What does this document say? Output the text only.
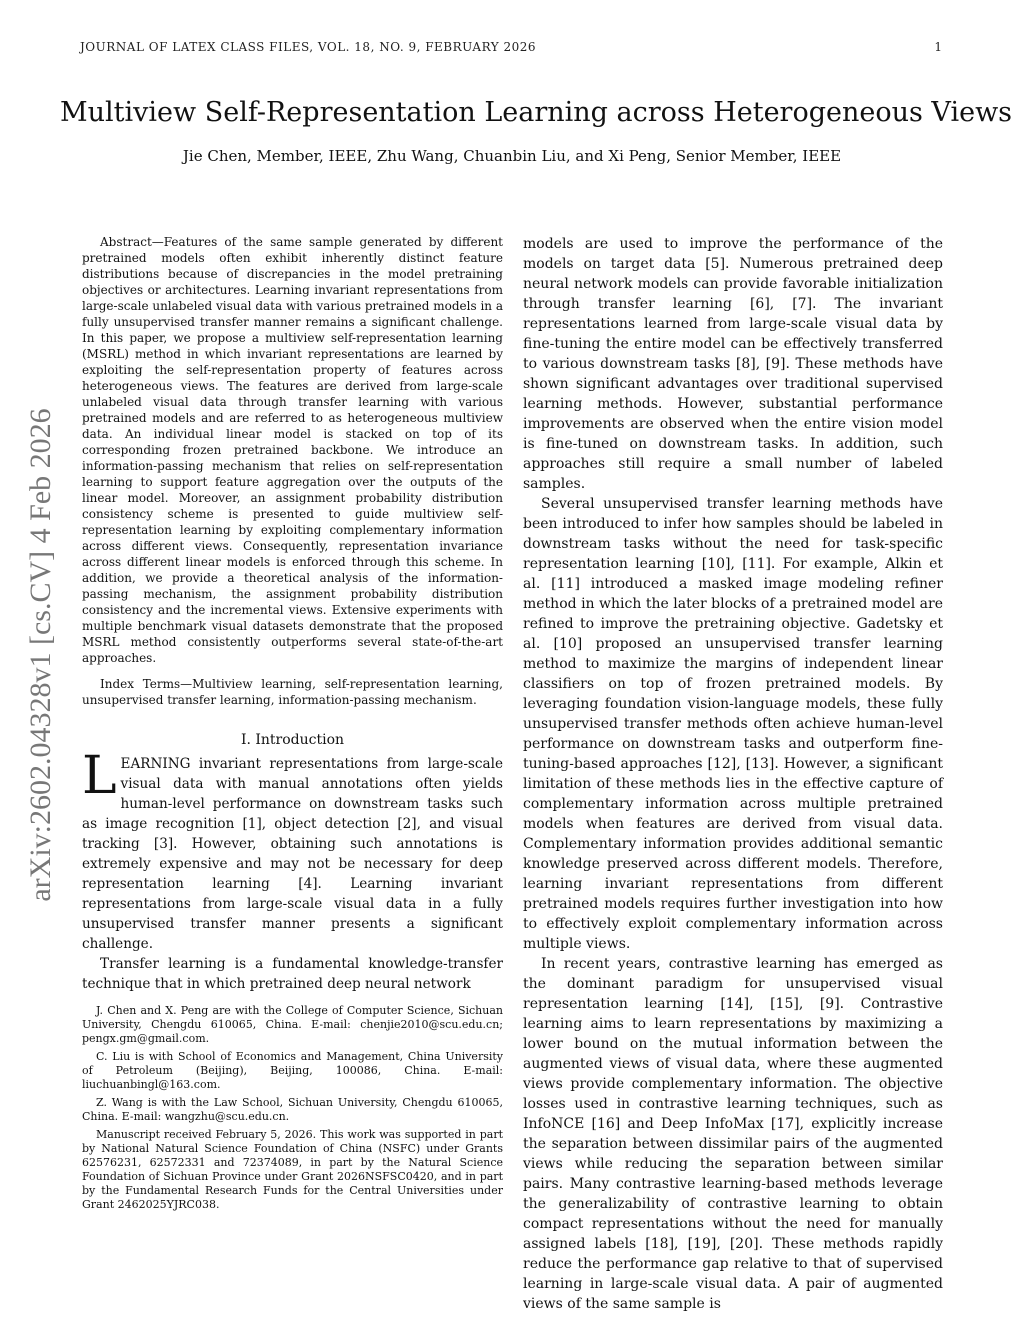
JOURNAL OF LATEX CLASS FILES, VOL. 18, NO. 9, FEBRUARY 2026	1
Multiview Self-Representation Learning across Heterogeneous Views
Jie Chen, Member, IEEE, Zhu Wang, Chuanbin Liu, and Xi Peng, Senior Member, IEEE
arXiv:2602.04328v1 [cs.CV] 4 Feb 2026

Abstract—Features of the same sample generated by different pretrained models often exhibit inherently distinct feature distributions because of discrepancies in the model pretraining objectives or architectures. Learning invariant representations from large-scale unlabeled visual data with various pretrained models in a fully unsupervised transfer manner remains a significant challenge. In this paper, we propose a multiview self-representation learning (MSRL) method in which invariant representations are learned by exploiting the self-representation property of features across heterogeneous views. The features are derived from large-scale unlabeled visual data through transfer learning with various pretrained models and are referred to as heterogeneous multiview data. An individual linear model is stacked on top of its corresponding frozen pretrained backbone. We introduce an information-passing mechanism that relies on self-representation learning to support feature aggregation over the outputs of the linear model. Moreover, an assignment probability distribution consistency scheme is presented to guide multiview self-representation learning by exploiting complementary information across different views. Consequently, representation invariance across different linear models is enforced through this scheme. In addition, we provide a theoretical analysis of the information-passing mechanism, the assignment probability distribution consistency and the incremental views. Extensive experiments with multiple benchmark visual datasets demonstrate that the proposed MSRL method consistently outperforms several state-of-the-art approaches.

Index Terms—Multiview learning, self-representation learning, unsupervised transfer learning, information-passing mechanism.

I. Introduction

LEARNING invariant representations from large-scale visual data with manual annotations often yields human-level performance on downstream tasks such as image recognition [1], object detection [2], and visual tracking [3]. However, obtaining such annotations is extremely expensive and may not be necessary for deep representation learning [4]. Learning invariant representations from large-scale visual data in a fully unsupervised transfer manner presents a significant challenge.

Transfer learning is a fundamental knowledge-transfer technique that in which pretrained deep neural network

J. Chen and X. Peng are with the College of Computer Science, Sichuan University, Chengdu 610065, China. E-mail: chenjie2010@scu.edu.cn; pengx.gm@gmail.com.

C. Liu is with School of Economics and Management, China University of Petroleum (Beijing), Beijing, 100086, China. E-mail: liuchuanbingl@163.com.

Z. Wang is with the Law School, Sichuan University, Chengdu 610065, China. E-mail: wangzhu@scu.edu.cn.

Manuscript received February 5, 2026. This work was supported in part by National Natural Science Foundation of China (NSFC) under Grants 62576231, 62572331 and 72374089, in part by the Natural Science Foundation of Sichuan Province under Grant 2026NSFSC0420, and in part by the Fundamental Research Funds for the Central Universities under Grant 2462025YJRC038.

models are used to improve the performance of the models on target data [5]. Numerous pretrained deep neural network models can provide favorable initialization through transfer learning [6], [7]. The invariant representations learned from large-scale visual data by fine-tuning the entire model can be effectively transferred to various downstream tasks [8], [9]. These methods have shown significant advantages over traditional supervised learning methods. However, substantial performance improvements are observed when the entire vision model is fine-tuned on downstream tasks. In addition, such approaches still require a small number of labeled samples.

Several unsupervised transfer learning methods have been introduced to infer how samples should be labeled in downstream tasks without the need for task-specific representation learning [10], [11]. For example, Alkin et al. [11] introduced a masked image modeling refiner method in which the later blocks of a pretrained model are refined to improve the pretraining objective. Gadetsky et al. [10] proposed an unsupervised transfer learning method to maximize the margins of independent linear classifiers on top of frozen pretrained models. By leveraging foundation vision-language models, these fully unsupervised transfer methods often achieve human-level performance on downstream tasks and outperform fine-tuning-based approaches [12], [13]. However, a significant limitation of these methods lies in the effective capture of complementary information across multiple pretrained models when features are derived from visual data. Complementary information provides additional semantic knowledge preserved across different models. Therefore, learning invariant representations from different pretrained models requires further investigation into how to effectively exploit complementary information across multiple views.

In recent years, contrastive learning has emerged as the dominant paradigm for unsupervised visual representation learning [14], [15], [9]. Contrastive learning aims to learn representations by maximizing a lower bound on the mutual information between the augmented views of visual data, where these augmented views provide complementary information. The objective losses used in contrastive learning techniques, such as InfoNCE [16] and Deep InfoMax [17], explicitly increase the separation between dissimilar pairs of the augmented views while reducing the separation between similar pairs. Many contrastive learning-based methods leverage the generalizability of contrastive learning to obtain compact representations without the need for manually assigned labels [18], [19], [20]. These methods rapidly reduce the performance gap relative to that of supervised learning in large-scale visual data. A pair of augmented views of the same sample is
